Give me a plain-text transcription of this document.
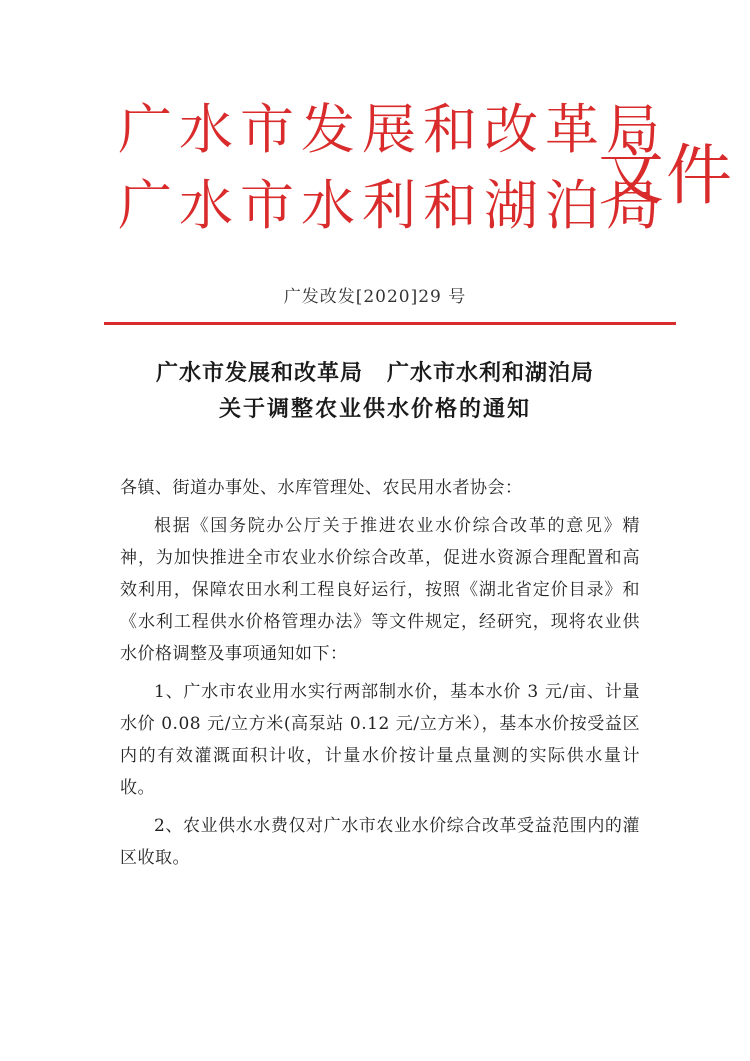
广水市发展和改革局
广水市水利和湖泊局
文件
广发改发[2020]29 号
广水市发展和改革局 广水市水利和湖泊局
关于调整农业供水价格的通知

各镇、街道办事处、水库管理处、农民用水者协会：

根据《国务院办公厅关于推进农业水价综合改革的意见》精神，为加快推进全市农业水价综合改革，促进水资源合理配置和高效利用，保障农田水利工程良好运行，按照《湖北省定价目录》和《水利工程供水价格管理办法》等文件规定，经研究，现将农业供水价格调整及事项通知如下：

1、广水市农业用水实行两部制水价，基本水价 3 元/亩、计量水价 0.08 元/立方米(高泵站 0.12 元/立方米），基本水价按受益区内的有效灌溉面积计收，计量水价按计量点量测的实际供水量计收。

2、农业供水水费仅对广水市农业水价综合改革受益范围内的灌区收取。
